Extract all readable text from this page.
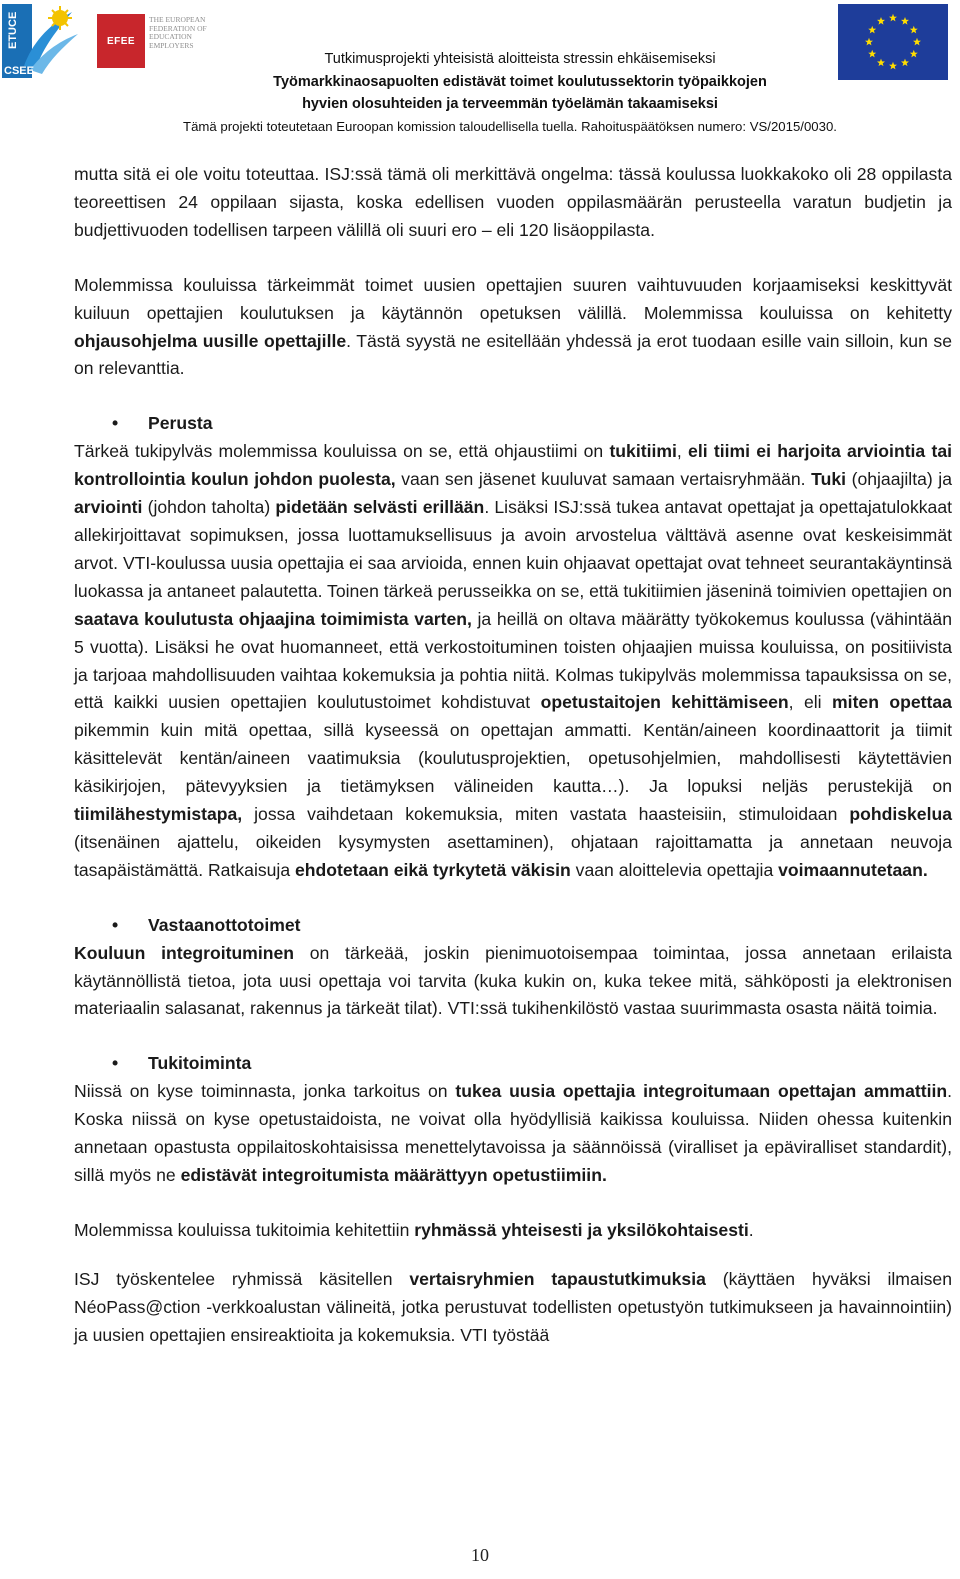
ETUCE
CSEE
EFEE
THE EUROPEAN FEDERATION OF EDUCATION EMPLOYERS
Tutkimusprojekti yhteisistä aloitteista stressin ehkäisemiseksi
Työmarkkinaosapuolten edistävät toimet koulutussektorin työpaikkojen
hyvien olosuhteiden ja terveemmän työelämän takaamiseksi
Tämä projekti toteutetaan Euroopan komission taloudellisella tuella. Rahoituspäätöksen numero: VS/2015/0030.

mutta sitä ei ole voitu toteuttaa. ISJ:ssä tämä oli merkittävä ongelma: tässä koulussa luokkakoko oli 28 oppilasta teoreettisen 24 oppilaan sijasta, koska edellisen vuoden oppilasmäärän perusteella varatun budjetin ja budjettivuoden todellisen tarpeen välillä oli suuri ero – eli 120 lisäoppilasta.

Molemmissa kouluissa tärkeimmät toimet uusien opettajien suuren vaihtuvuuden korjaamiseksi keskittyvät kuiluun opettajien koulutuksen ja käytännön opetuksen välillä. Molemmissa kouluissa on kehitetty ohjausohjelma uusille opettajille. Tästä syystä ne esitellään yhdessä ja erot tuodaan esille vain silloin, kun se on relevanttia.

• Perusta

Tärkeä tukipylväs molemmissa kouluissa on se, että ohjaustiimi on tukitiimi, eli tiimi ei harjoita arviointia tai kontrollointia koulun johdon puolesta, vaan sen jäsenet kuuluvat samaan vertaisryhmään. Tuki (ohjaajilta) ja arviointi (johdon taholta) pidetään selvästi erillään. Lisäksi ISJ:ssä tukea antavat opettajat ja opettajatulokkaat allekirjoittavat sopimuksen, jossa luottamuksellisuus ja avoin arvostelua välttävä asenne ovat keskeisimmät arvot. VTI-koulussa uusia opettajia ei saa arvioida, ennen kuin ohjaavat opettajat ovat tehneet seurantakäyntinsä luokassa ja antaneet palautetta. Toinen tärkeä perusseikka on se, että tukitiimien jäseninä toimivien opettajien on saatava koulutusta ohjaajina toimimista varten, ja heillä on oltava määrätty työkokemus koulussa (vähintään 5 vuotta). Lisäksi he ovat huomanneet, että verkostoituminen toisten ohjaajien muissa kouluissa, on positiivista ja tarjoaa mahdollisuuden vaihtaa kokemuksia ja pohtia niitä. Kolmas tukipylväs molemmissa tapauksissa on se, että kaikki uusien opettajien koulutustoimet kohdistuvat opetustaitojen kehittämiseen, eli miten opettaa pikemmin kuin mitä opettaa, sillä kyseessä on opettajan ammatti. Kentän/aineen koordinaattorit ja tiimit käsittelevät kentän/aineen vaatimuksia (koulutusprojektien, opetusohjelmien, mahdollisesti käytettävien käsikirjojen, pätevyyksien ja tietämyksen välineiden kautta…). Ja lopuksi neljäs perustekijä on tiimilähestymistapa, jossa vaihdetaan kokemuksia, miten vastata haasteisiin, stimuloidaan pohdiskelua (itsenäinen ajattelu, oikeiden kysymysten asettaminen), ohjataan rajoittamatta ja annetaan neuvoja tasapäistämättä. Ratkaisuja ehdotetaan eikä tyrkytetä väkisin vaan aloittelevia opettajia voimaannutetaan.

• Vastaanottotoimet

Kouluun integroituminen on tärkeää, joskin pienimuotoisempaa toimintaa, jossa annetaan erilaista käytännöllistä tietoa, jota uusi opettaja voi tarvita (kuka kukin on, kuka tekee mitä, sähköposti ja elektronisen materiaalin salasanat, rakennus ja tärkeät tilat). VTI:ssä tukihenkilöstö vastaa suurimmasta osasta näitä toimia.

• Tukitoiminta

Niissä on kyse toiminnasta, jonka tarkoitus on tukea uusia opettajia integroitumaan opettajan ammattiin. Koska niissä on kyse opetustaidoista, ne voivat olla hyödyllisiä kaikissa kouluissa. Niiden ohessa kuitenkin annetaan opastusta oppilaitoskohtaisissa menettelytavoissa ja säännöissä (viralliset ja epäviralliset standardit), sillä myös ne edistävät integroitumista määrättyyn opetustiimiin.

Molemmissa kouluissa tukitoimia kehitettiin ryhmässä yhteisesti ja yksilökohtaisesti.

ISJ työskentelee ryhmissä käsitellen vertaisryhmien tapaustutkimuksia (käyttäen hyväksi ilmaisen NéoPass@ction -verkkoalustan välineitä, jotka perustuvat todellisten opetustyön tutkimukseen ja havainnointiin) ja uusien opettajien ensireaktioita ja kokemuksia. VTI työstää

10
